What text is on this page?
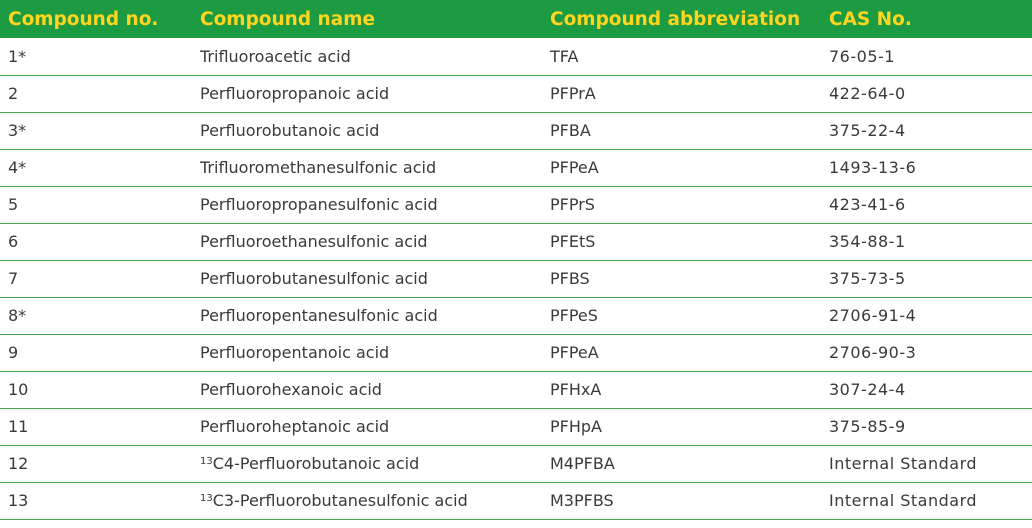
Compound no.	Compound name	Compound abbreviation	CAS No.
1*	Trifluoroacetic acid	TFA	76-05-1
2	Perfluoropropanoic acid	PFPrA	422-64-0
3*	Perfluorobutanoic acid	PFBA	375-22-4
4*	Trifluoromethanesulfonic acid	PFPeA	1493-13-6
5	Perfluoropropanesulfonic acid	PFPrS	423-41-6
6	Perfluoroethanesulfonic acid	PFEtS	354-88-1
7	Perfluorobutanesulfonic acid	PFBS	375-73-5
8*	Perfluoropentanesulfonic acid	PFPeS	2706-91-4
9	Perfluoropentanoic acid	PFPeA	2706-90-3
10	Perfluorohexanoic acid	PFHxA	307-24-4
11	Perfluoroheptanoic acid	PFHpA	375-85-9
12	$^{13}$C4-Perfluorobutanoic acid	M4PFBA	Internal Standard
13	$^{13}$C3-Perfluorobutanesulfonic acid	M3PFBS	Internal Standard
